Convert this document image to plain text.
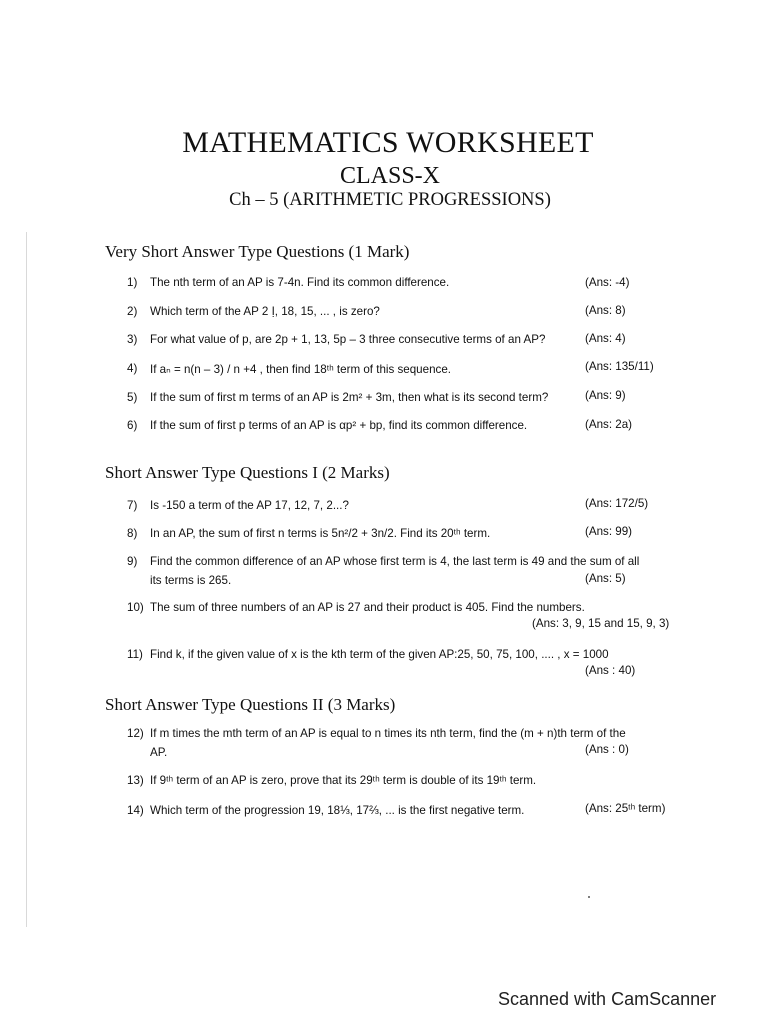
MATHEMATICS WORKSHEET
CLASS-X
Ch – 5 (ARITHMETIC PROGRESSIONS)
Very Short Answer Type Questions (1 Mark)
Short Answer Type Questions I (2 Marks)
Short Answer Type Questions II (3 Marks)
1) The nth term of an AP is 7-4n. Find its common difference.	(Ans: -4)
2) Which term of the AP 2 Ị, 18, 15, ... , is zero?	(Ans: 8)
3) For what value of p, are 2p + 1, 13, 5p – 3 three consecutive terms of an AP?	(Ans: 4)
4) If aₙ = n(n – 3) / n +4 , then find 18ᵗʰ term of this sequence.	(Ans: 135/11)
5) If the sum of first m terms of an AP is 2m² + 3m, then what is its second term?	(Ans: 9)
6) If the sum of first p terms of an AP is αp² + bp, find its common difference.	(Ans: 2a)
7) Is -150 a term of the AP 17, 12, 7, 2...?	(Ans: 172/5)
8) In an AP, the sum of first n terms is 5n²/2 + 3n/2. Find its 20ᵗʰ term.	(Ans: 99)
9) Find the common difference of an AP whose first term is 4, the last term is 49 and the sum of all
its terms is 265.	(Ans: 5)
10) The sum of three numbers of an AP is 27 and their product is 405. Find the numbers.
(Ans: 3, 9, 15 and 15, 9, 3)
11) Find k, if the given value of x is the kth term of the given AP:25, 50, 75, 100, .... , x = 1000
(Ans : 40)
12) If m times the mth term of an AP is equal to n times its nth term, find the (m + n)th term of the
AP.	(Ans : 0)
13) If 9ᵗʰ term of an AP is zero, prove that its 29ᵗʰ term is double of its 19ᵗʰ term.
14) Which term of the progression 19, 18⅓, 17⅔, ... is the first negative term.	(Ans: 25ᵗʰ term)
Scanned with CamScanner
